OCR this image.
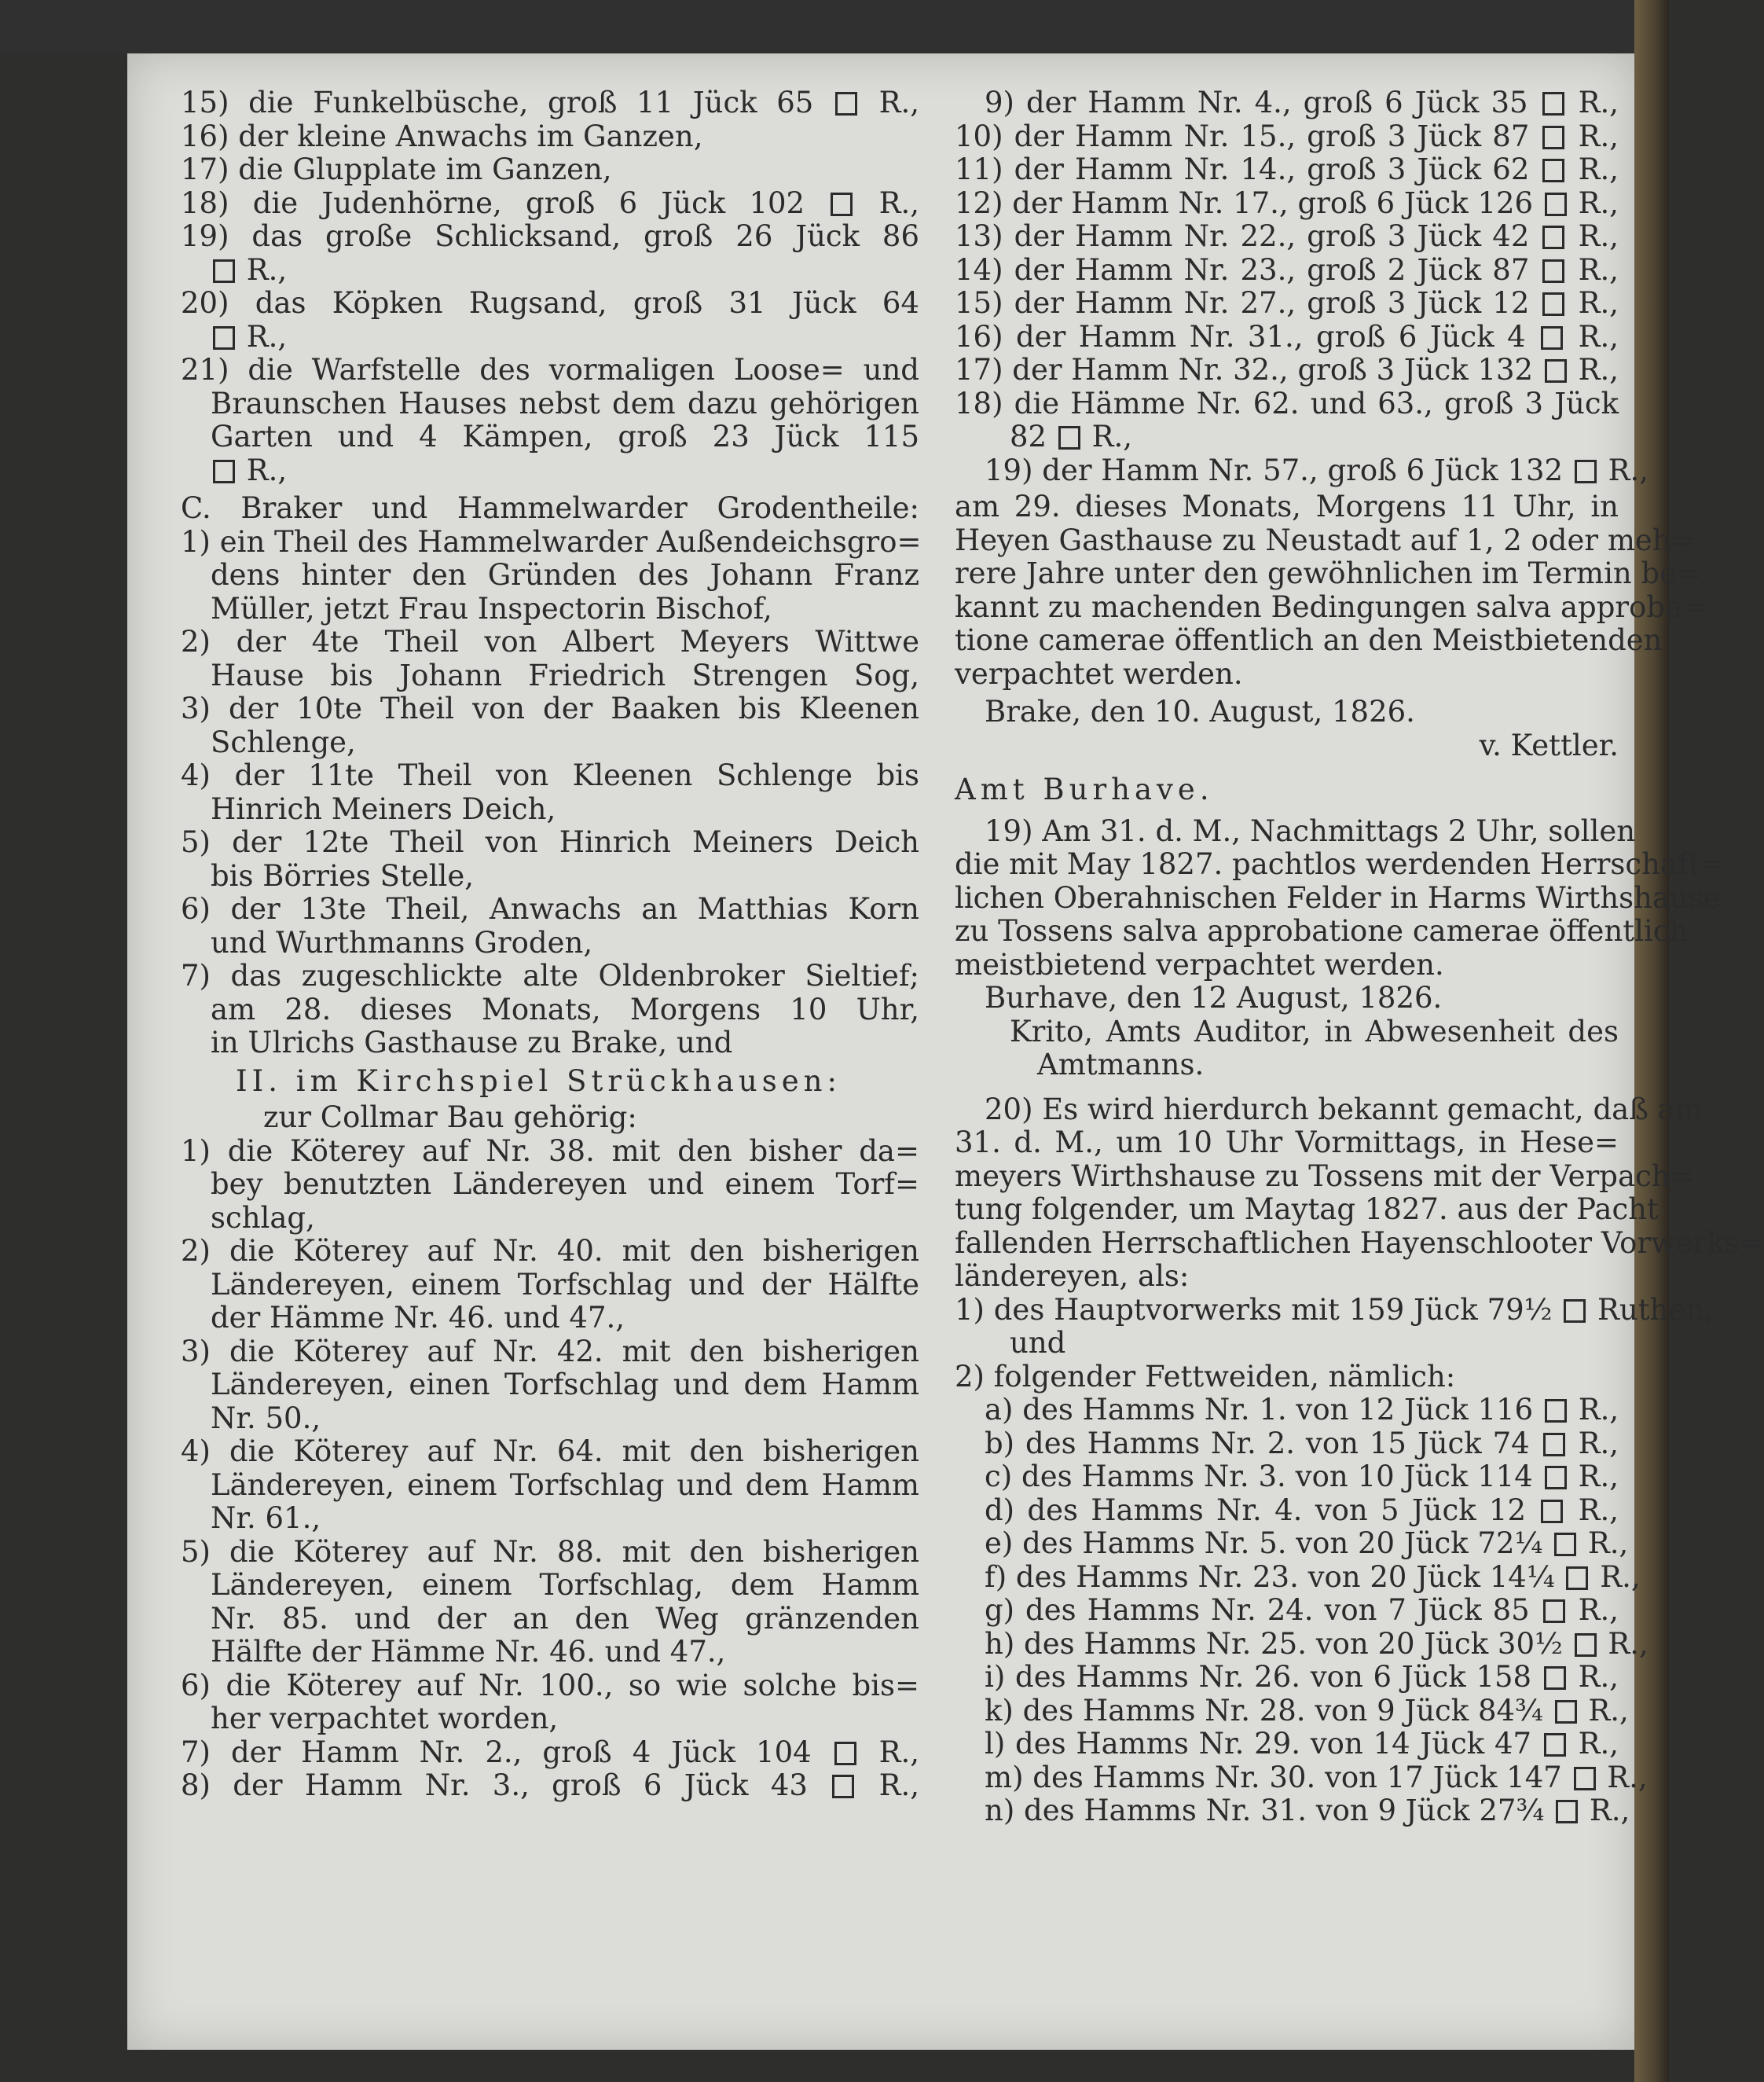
15) die Funkelbüsche, groß 11 Jück 65  R.,
16) der kleine Anwachs im Ganzen,
17) die Glupplate im Ganzen,
18) die Judenhörne, groß 6 Jück 102  R.,
19) das große Schlicksand, groß 26 Jück 86
R.,
20) das Köpken Rugsand, groß 31 Jück 64
R.,
21) die Warfstelle des vormaligen Loose= und
Braunschen Hauses nebst dem dazu gehörigen
Garten und 4 Kämpen, groß 23 Jück 115
R.,
C. Braker und Hammelwarder Grodentheile:
1) ein Theil des Hammelwarder Außendeichsgro=
dens hinter den Gründen des Johann Franz
Müller, jetzt Frau Inspectorin Bischof,
2) der 4te Theil von Albert Meyers Wittwe
Hause bis Johann Friedrich Strengen Sog,
3) der 10te Theil von der Baaken bis Kleenen
Schlenge,
4) der 11te Theil von Kleenen Schlenge bis
Hinrich Meiners Deich,
5) der 12te Theil von Hinrich Meiners Deich
bis Börries Stelle,
6) der 13te Theil, Anwachs an Matthias Korn
und Wurthmanns Groden,
7) das zugeschlickte alte Oldenbroker Sieltief;
am 28. dieses Monats, Morgens 10 Uhr,
in Ulrichs Gasthause zu Brake, und
II. im Kirchspiel Strückhausen:
zur Collmar Bau gehörig:
1) die Köterey auf Nr. 38. mit den bisher da=
bey benutzten Ländereyen und einem Torf=
schlag,
2) die Köterey auf Nr. 40. mit den bisherigen
Ländereyen, einem Torfschlag und der Hälfte
der Hämme Nr. 46. und 47.,
3) die Köterey auf Nr. 42. mit den bisherigen
Ländereyen, einen Torfschlag und dem Hamm
Nr. 50.,
4) die Köterey auf Nr. 64. mit den bisherigen
Ländereyen, einem Torfschlag und dem Hamm
Nr. 61.,
5) die Köterey auf Nr. 88. mit den bisherigen
Ländereyen, einem Torfschlag, dem Hamm
Nr. 85. und der an den Weg gränzenden
Hälfte der Hämme Nr. 46. und 47.,
6) die Köterey auf Nr. 100., so wie solche bis=
her verpachtet worden,
7) der Hamm Nr. 2., groß 4 Jück 104  R.,
8) der Hamm Nr. 3., groß 6 Jück 43  R.,
9) der Hamm Nr. 4., groß 6 Jück 35  R.,
10) der Hamm Nr. 15., groß 3 Jück 87  R.,
11) der Hamm Nr. 14., groß 3 Jück 62  R.,
12) der Hamm Nr. 17., groß 6 Jück 126  R.,
13) der Hamm Nr. 22., groß 3 Jück 42  R.,
14) der Hamm Nr. 23., groß 2 Jück 87  R.,
15) der Hamm Nr. 27., groß 3 Jück 12  R.,
16) der Hamm Nr. 31., groß 6 Jück 4  R.,
17) der Hamm Nr. 32., groß 3 Jück 132  R.,
18) die Hämme Nr. 62. und 63., groß 3 Jück
82  R.,
19) der Hamm Nr. 57., groß 6 Jück 132  R.,
am 29. dieses Monats, Morgens 11 Uhr, in
Heyen Gasthause zu Neustadt auf 1, 2 oder meh=
rere Jahre unter den gewöhnlichen im Termin be=
kannt zu machenden Bedingungen salva approba=
tione camerae öffentlich an den Meistbietenden
verpachtet werden.
Brake, den 10. August, 1826.
v. Kettler.
Amt Burhave.
19) Am 31. d. M., Nachmittags 2 Uhr, sollen
die mit May 1827. pachtlos werdenden Herrschaft=
lichen Oberahnischen Felder in Harms Wirthshause
zu Tossens salva approbatione camerae öffentlich
meistbietend verpachtet werden.
Burhave, den 12 August, 1826.
Krito, Amts Auditor, in Abwesenheit des
Amtmanns.
20) Es wird hierdurch bekannt gemacht, daß am
31. d. M., um 10 Uhr Vormittags, in Hese=
meyers Wirthshause zu Tossens mit der Verpach=
tung folgender, um Maytag 1827. aus der Pacht
fallenden Herrschaftlichen Hayenschlooter Vorwerks=
ländereyen, als:
1) des Hauptvorwerks mit 159 Jück 79½  Ruthen,
und
2) folgender Fettweiden, nämlich:
a) des Hamms Nr. 1. von 12 Jück 116  R.,
b) des Hamms Nr. 2. von 15 Jück 74  R.,
c) des Hamms Nr. 3. von 10 Jück 114  R.,
d) des Hamms Nr. 4. von 5 Jück 12  R.,
e) des Hamms Nr. 5. von 20 Jück 72¼  R.,
f) des Hamms Nr. 23. von 20 Jück 14¼  R.,
g) des Hamms Nr. 24. von 7 Jück 85  R.,
h) des Hamms Nr. 25. von 20 Jück 30½  R.,
i) des Hamms Nr. 26. von 6 Jück 158  R.,
k) des Hamms Nr. 28. von 9 Jück 84¾  R.,
l) des Hamms Nr. 29. von 14 Jück 47  R.,
m) des Hamms Nr. 30. von 17 Jück 147  R.,
n) des Hamms Nr. 31. von 9 Jück 27¾  R.,
